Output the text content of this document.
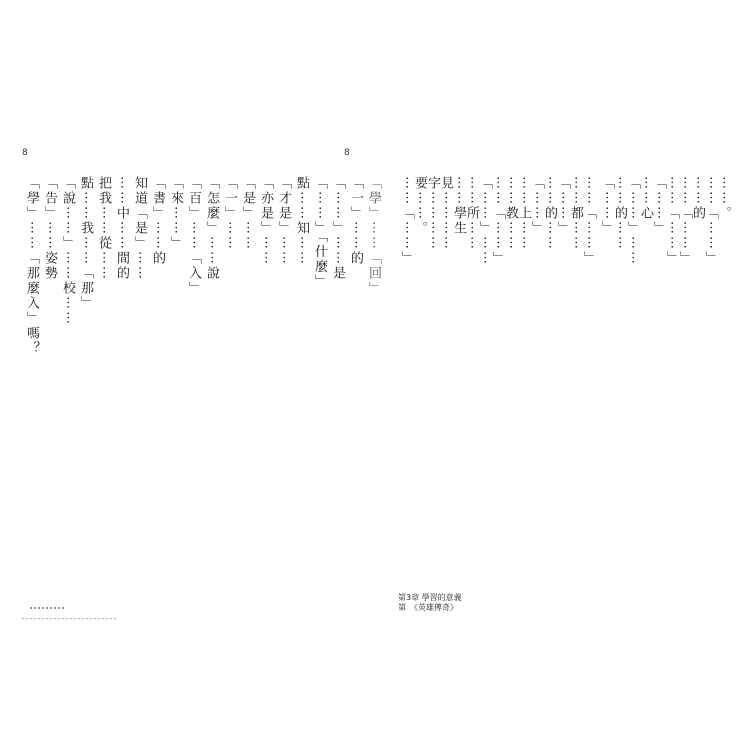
8	8
「學」⋯⋯「那麼入」嗎？ 「告」⋯⋯姿勢 「說⋯⋯」⋯⋯校⋯⋯ 點⋯⋯我⋯⋯「那」 把我⋯⋯從⋯⋯ ⋯⋯中⋯⋯間的 知道「是」⋯⋯ 「書」⋯⋯的 「來⋯⋯」 「百」⋯⋯「入」 「怎麼」⋯⋯說 「一」⋯⋯ 「是」⋯⋯ 「亦是」⋯⋯ 「才是」⋯⋯ 點⋯⋯知⋯⋯ 「⋯⋯」「什麼」 「⋯⋯」⋯⋯是 「一」⋯⋯的 「學」⋯⋯「回」 ⋯⋯「⋯⋯」
要⋯⋯。
字⋯⋯⋯⋯
見⋯⋯⋯⋯
⋯⋯學生
⋯⋯所⋯⋯
「⋯⋯」⋯⋯
⋯⋯「⋯⋯」
⋯⋯教⋯⋯
⋯⋯上⋯⋯
「⋯⋯」
⋯⋯的⋯⋯
「⋯⋯」
⋯⋯都⋯⋯
⋯⋯「⋯⋯」 「⋯⋯」
⋯⋯的⋯⋯
「⋯⋯」⋯⋯
⋯⋯心
「⋯⋯」
⋯⋯「⋯⋯」
⋯⋯「⋯⋯」
⋯⋯的
⋯⋯「⋯⋯」
⋯⋯。
第3章 學習的意義
第　《英雄傳奇》
